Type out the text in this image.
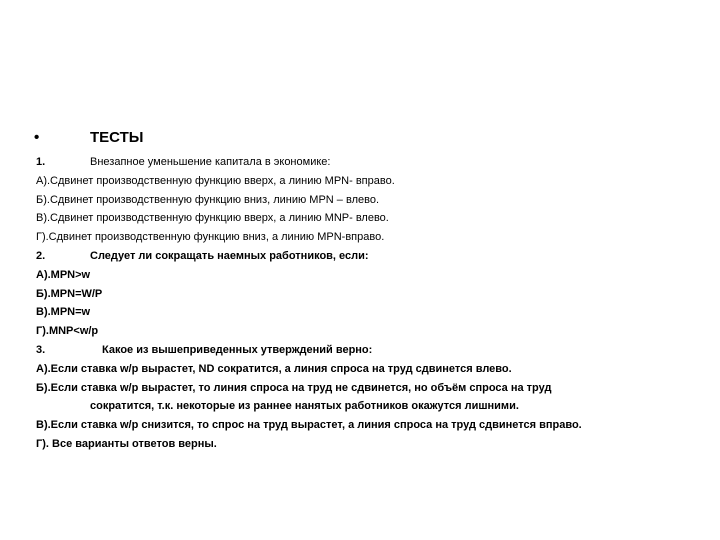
•	ТЕСТЫ
1.	Внезапное уменьшение капитала в экономике:
А).Сдвинет производственную функцию вверх, а линию MPN- вправо.
Б).Сдвинет производственную функцию вниз, линию MPN – влево.
В).Сдвинет производственную функцию вверх, а линию MNP- влево.
Г).Сдвинет производственную функцию вниз, а линию MPN-вправо.
2.	Следует ли сокращать наемных работников, если:
А).MPN>w
Б).MPN=W/P
В).MPN=w
Г).MNP<w/p
3.	Какое из вышеприведенных утверждений верно:
А).Если ставка w/p вырастет, ND сократится, а линия спроса на труд сдвинется влево.
Б).Если ставка w/p вырастет, то линия спроса на труд не сдвинется, но объём спроса на труд
сократится, т.к. некоторые из раннее нанятых работников окажутся лишними.
В).Если ставка w/p снизится, то спрос на труд вырастет, а линия спроса на труд сдвинется вправо.
Г). Все варианты ответов верны.
